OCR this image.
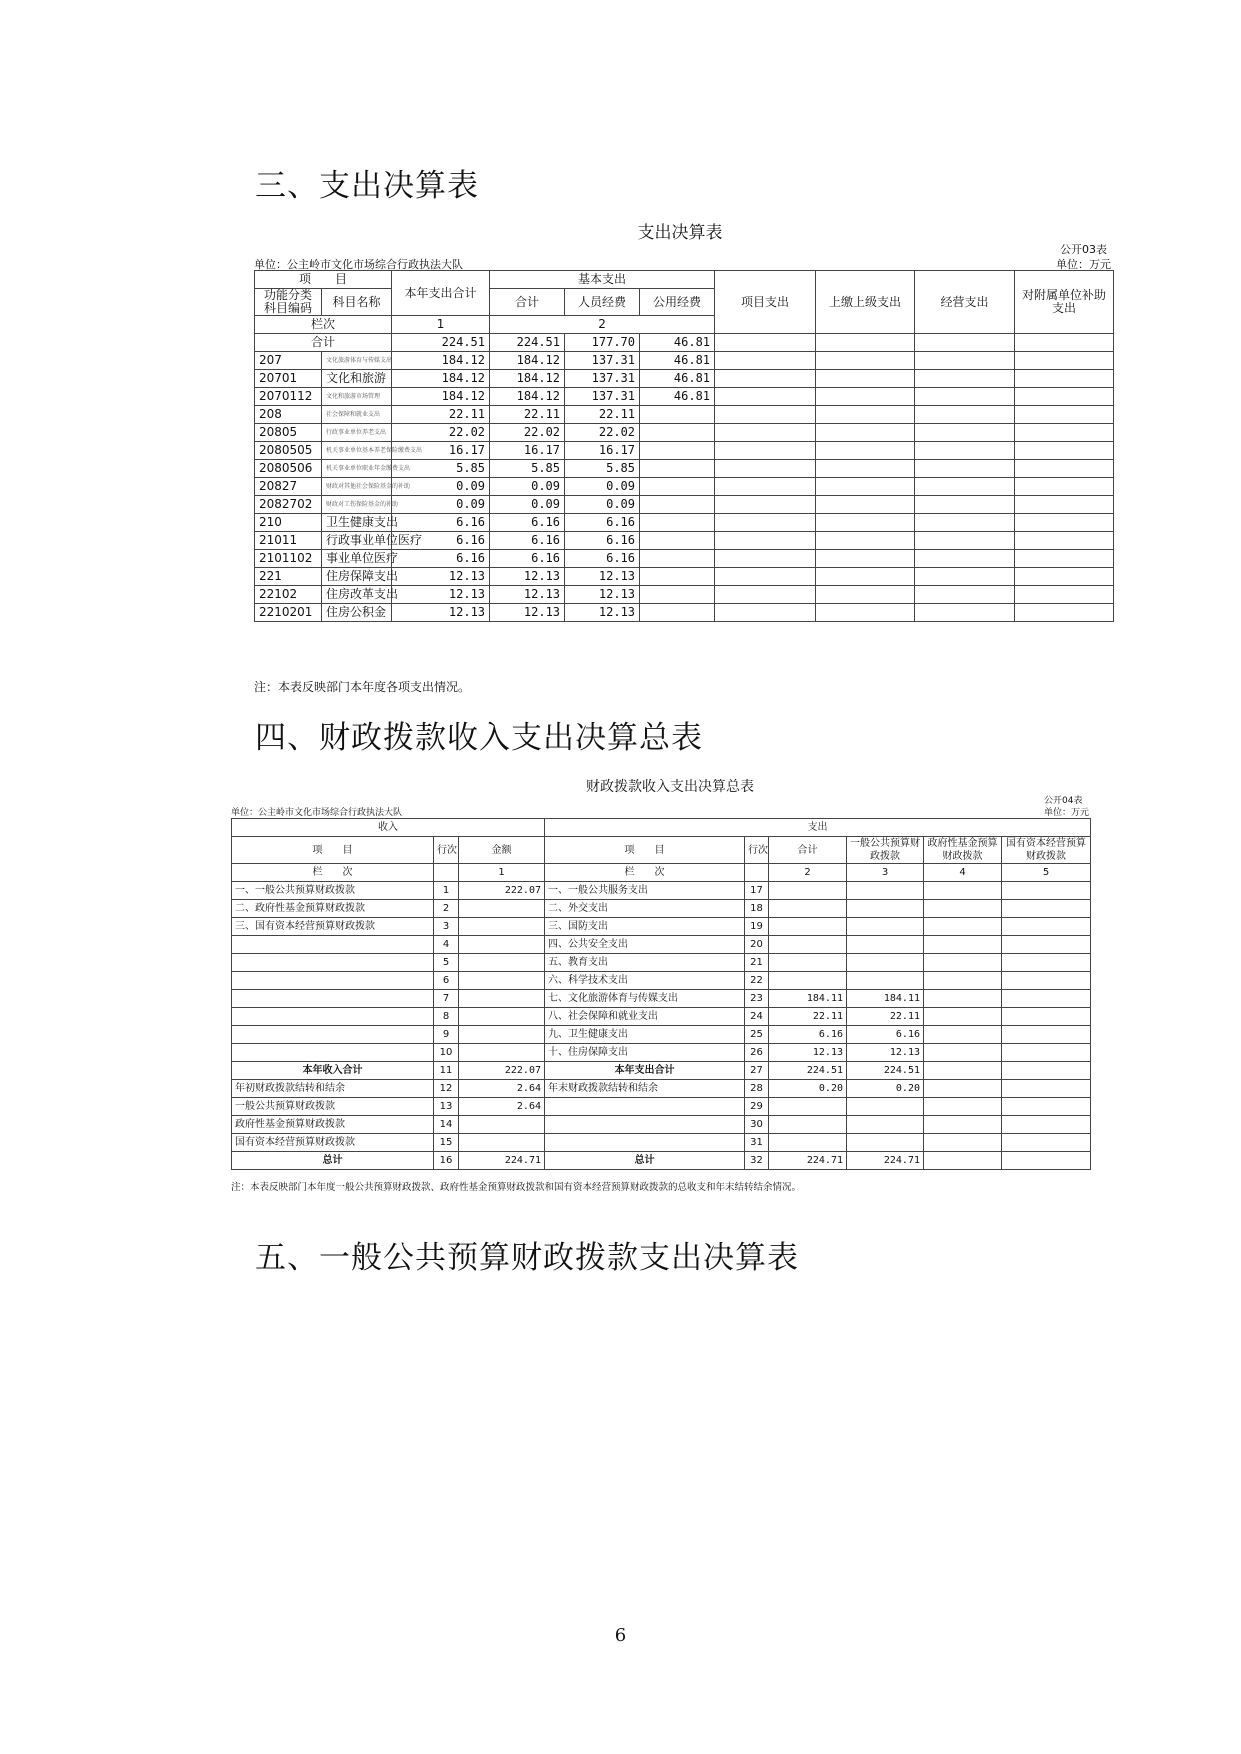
三、支出决算表
支出决算表
公开03表
单位：公主岭市文化市场综合行政执法大队	单位：万元
项　　目		本年支出合计	基本支出			项目支出	上缴上级支出	经营支出	对附属单位补助支出
功能分类科目编码	科目名称								
			合计	人员经费	公用经费				
栏次		1	2						
合计		224.51	224.51	177.70	46.81				
207	文化旅游体育与传媒支出	184.12	184.12	137.31	46.81				
20701	文化和旅游	184.12	184.12	137.31	46.81				
2070112	文化和旅游市场管理	184.12	184.12	137.31	46.81				
208	社会保障和就业支出	22.11	22.11	22.11					
20805	行政事业单位养老支出	22.02	22.02	22.02					
2080505	机关事业单位基本养老保险缴费支出	16.17	16.17	16.17					
2080506	机关事业单位职业年金缴费支出	5.85	5.85	5.85					
20827	财政对其他社会保险基金的补助	0.09	0.09	0.09					
2082702	财政对工伤保险基金的补助	0.09	0.09	0.09					
210	卫生健康支出	6.16	6.16	6.16					
21011	行政事业单位医疗	6.16	6.16	6.16					
2101102	事业单位医疗	6.16	6.16	6.16					
221	住房保障支出	12.13	12.13	12.13					
22102	住房改革支出	12.13	12.13	12.13					
2210201	住房公积金	12.13	12.13	12.13					
注：本表反映部门本年度各项支出情况。
四、财政拨款收入支出决算总表
财政拨款收入支出决算总表
公开04表
单位：公主岭市文化市场综合行政执法大队	单位：万元
收入			支出					
项　　目	行次	金额	项　　目	行次	合计	一般公共预算财政拨款	政府性基金预算财政拨款	国有资本经营预算财政拨款
栏　　次		1	栏　　次		2	3	4	5
一、一般公共预算财政拨款	1	222.07	一、一般公共服务支出	17				
二、政府性基金预算财政拨款	2		二、外交支出	18				
三、国有资本经营预算财政拨款	3		三、国防支出	19				
	4		四、公共安全支出	20				
	5		五、教育支出	21				
	6		六、科学技术支出	22				
	7		七、文化旅游体育与传媒支出	23	184.11	184.11		
	8		八、社会保障和就业支出	24	22.11	22.11		
	9		九、卫生健康支出	25	6.16	6.16		
	10		十、住房保障支出	26	12.13	12.13		
本年收入合计	11	222.07	本年支出合计	27	224.51	224.51		
年初财政拨款结转和结余	12	2.64	年末财政拨款结转和结余	28	0.20	0.20		
一般公共预算财政拨款	13	2.64		29				
政府性基金预算财政拨款	14			30				
国有资本经营预算财政拨款	15			31				
总计	16	224.71	总计	32	224.71	224.71		
注：本表反映部门本年度一般公共预算财政拨款、政府性基金预算财政拨款和国有资本经营预算财政拨款的总收支和年末结转结余情况。
五、一般公共预算财政拨款支出决算表
6
